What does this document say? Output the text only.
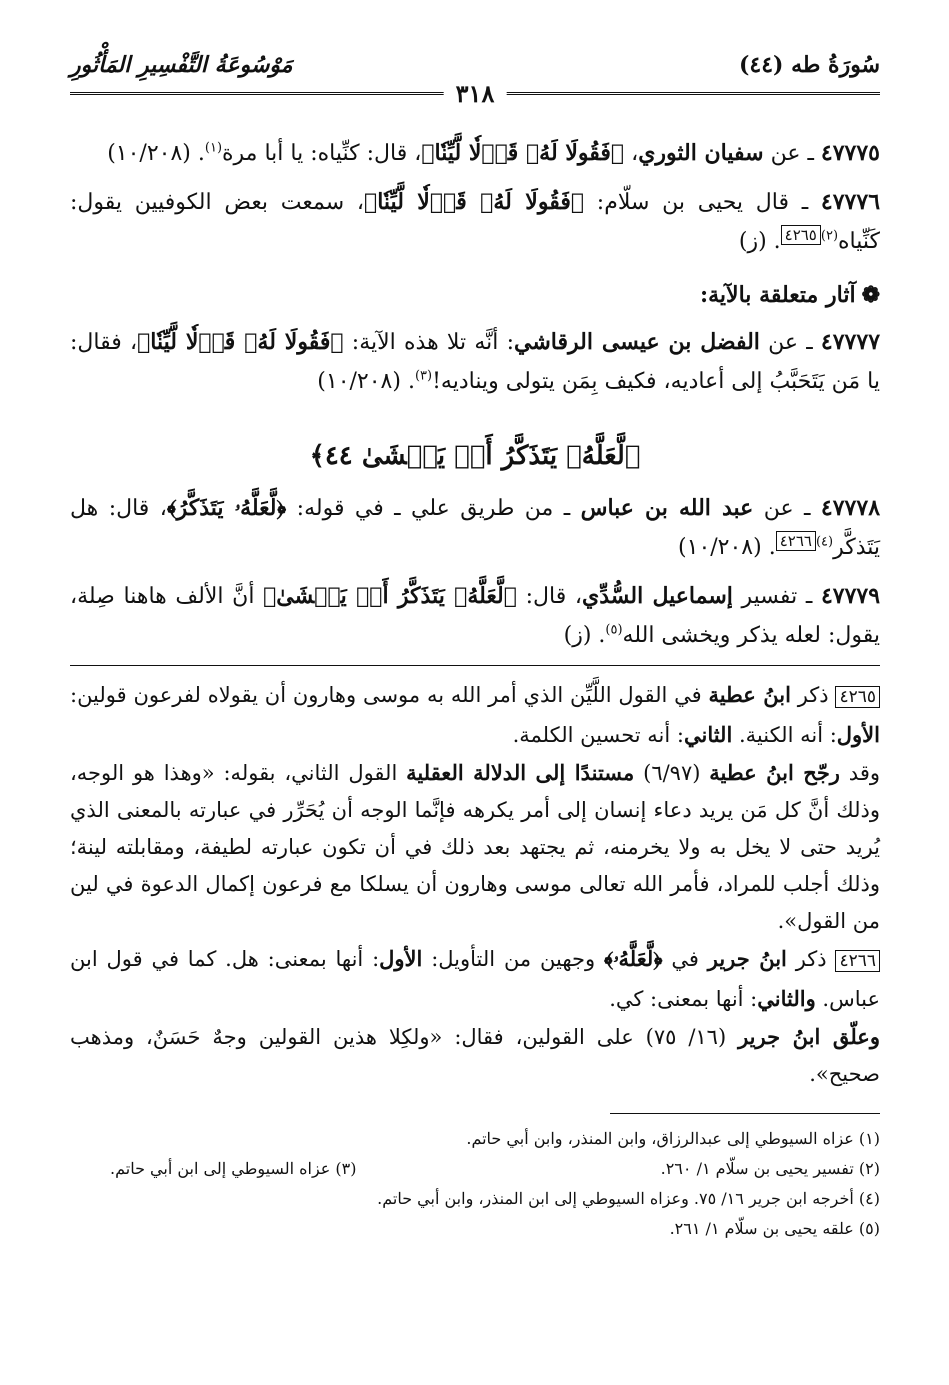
سُورَةُ طه (٤٤)
مَوْسُوعَةُ التَّفْسِيرِ المَأْثُورِ
٣١٨

٤٧٧٧٥ ـ عن سفيان الثوري، ﴿فَقُولَا لَهُۥ قَوۡلٗا لَّيِّنٗا﴾، قال: كنِّياه: يا أبا مرة$^{(١)}$. (١٠/٢٠٨)

٤٧٧٧٦ ـ قال يحيى بن سلّام: ﴿فَقُولَا لَهُۥ قَوۡلٗا لَّيِّنٗا﴾، سمعت بعض الكوفيين يقول: كَنِّياه$^{(٢)٤٢٦٥}$. (ز)

❁آثار متعلقة بالآية:

٤٧٧٧٧ ـ عن الفضل بن عيسى الرقاشي: أنَّه تلا هذه الآية: ﴿فَقُولَا لَهُۥ قَوۡلٗا لَّيِّنٗا﴾، فقال: يا مَن يَتَحَبَّبُ إلى أعاديه، فكيف بِمَن يتولى ويناديه!$^{(٣)}$. (١٠/٢٠٨)

﴿لَّعَلَّهُۥ يَتَذَكَّرُ أَوۡ يَخۡشَىٰ ٤٤﴾

٤٧٧٧٨ ـ عن عبد الله بن عباس ـ من طريق علي ـ في قوله: ﴿لَّعَلَّهُۥ يَتَذَكَّرُ﴾، قال: هل يَتَذكَّر$^{(٤)٤٢٦٦}$. (١٠/٢٠٨)

٤٧٧٧٩ ـ تفسير إسماعيل السُّدِّي، قال: ﴿لَّعَلَّهُۥ يَتَذَكَّرُ أَوۡ يَخۡشَىٰ﴾ أنَّ الألف هاهنا صِلة، يقول: لعله يذكر ويخشى الله$^{(٥)}$. (ز)

٤٢٦٥ ذكر ابنُ عطية في القول اللَّيِّن الذي أمر الله به موسى وهارون أن يقولاه لفرعون قولين: الأول: أنه الكنية. الثاني: أنه تحسين الكلمة.

وقد رجّح ابنُ عطية (٦/٩٧) مستندًا إلى الدلالة العقلية القول الثاني، بقوله: «وهذا هو الوجه، وذلك أنَّ كل مَن يريد دعاء إنسان إلى أمر يكرهه فإنَّما الوجه أن يُحَرِّر في عبارته بالمعنى الذي يُريد حتى لا يخل به ولا يخرمنه، ثم يجتهد بعد ذلك في أن تكون عبارته لطيفة، ومقابلته لينة؛ وذلك أجلب للمراد، فأمر الله تعالى موسى وهارون أن يسلكا مع فرعون إكمال الدعوة في لين من القول».

٤٢٦٦ ذكر ابنُ جرير في ﴿لَّعَلَّهُۥ﴾ وجهين من التأويل: الأول: أنها بمعنى: هل. كما في قول ابن عباس. والثاني: أنها بمعنى: كي.

وعلّق ابنُ جرير (١٦/ ٧٥) على القولين، فقال: «ولكِلا هذين القولين وجهٌ حَسَنٌ، ومذهب صحيح».

(١) عزاه السيوطي إلى عبدالرزاق، وابن المنذر، وابن أبي حاتم.
(٢) تفسير يحيى بن سلّام ١/ ٢٦٠.
(٣) عزاه السيوطي إلى ابن أبي حاتم.
(٤) أخرجه ابن جرير ١٦/ ٧٥. وعزاه السيوطي إلى ابن المنذر، وابن أبي حاتم.
(٥) علقه يحيى بن سلّام ١/ ٢٦١.
